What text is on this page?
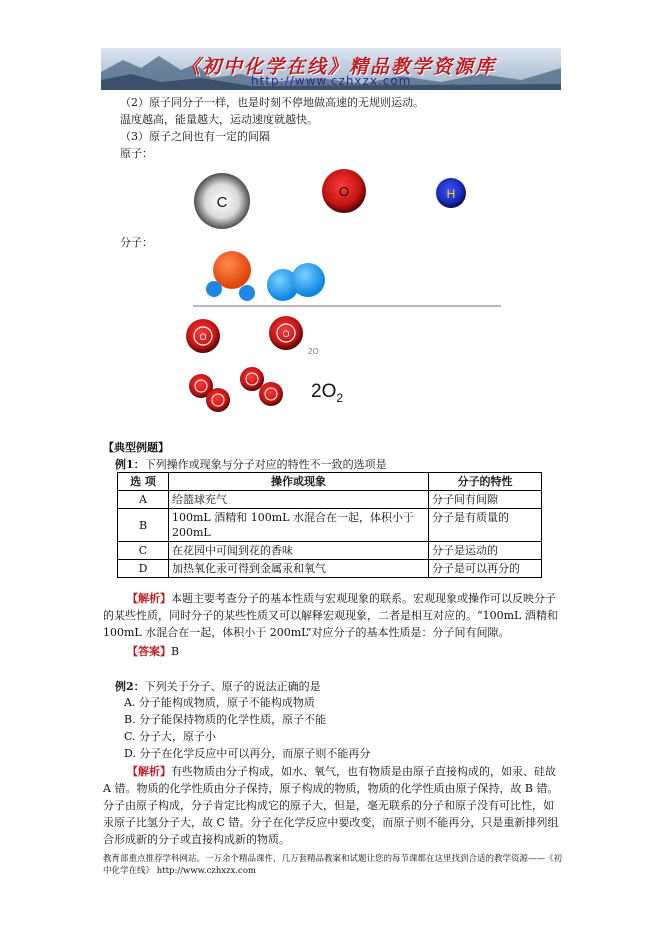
《初中化学在线》精品教学资源库
http://www.czhxzx.com
（2）原子同分子一样，也是时刻不停地做高速的无规则运动。
温度越高，能量越大，运动速度就越快。
（3）原子之间也有一定的间隔
原子：
C
O	H
分子：
O	O
2O
$2O_2$
【典型例题】
例1：下列操作或现象与分子对应的特性不一致的选项是
选 项	操作或现象	分子的特性
A	给篮球充气	分子间有间隙
B	100mL 酒精和 100mL 水混合在一起，体积小于 200mL	分子是有质量的
C	在花园中可闻到花的香味	分子是运动的
D	加热氧化汞可得到金属汞和氧气	分子是可以再分的
【解析】本题主要考查分子的基本性质与宏观现象的联系。宏观现象或操作可以反映分子的某些性质，同时分子的某些性质又可以解释宏观现象，二者是相互对应的。“100mL 酒精和 100mL 水混合在一起，体积小于 200mL”对应分子的基本性质是：分子间有间隙。
【答案】B
例2：下列关于分子、原子的说法正确的是
A. 分子能构成物质，原子不能构成物质
B. 分子能保持物质的化学性质，原子不能
C. 分子大，原子小
D. 分子在化学反应中可以再分，而原子则不能再分
【解析】有些物质由分子构成，如水、氧气，也有物质是由原子直接构成的，如汞、硅故 A 错。物质的化学性质由分子保持，原子构成的物质，物质的化学性质由原子保持，故 B 错。分子由原子构成，分子肯定比构成它的原子大，但是，毫无联系的分子和原子没有可比性，如汞原子比氢分子大，故 C 错。分子在化学反应中要改变，而原子则不能再分，只是重新排列组合形成新的分子或直接构成新的物质。
教育部重点推荐学科网站。一万余个精品课件，几万套精品教案和试题让您的每节课都在这里找到合适的教学资源——《初中化学在线》 http://www.czhxzx.com
